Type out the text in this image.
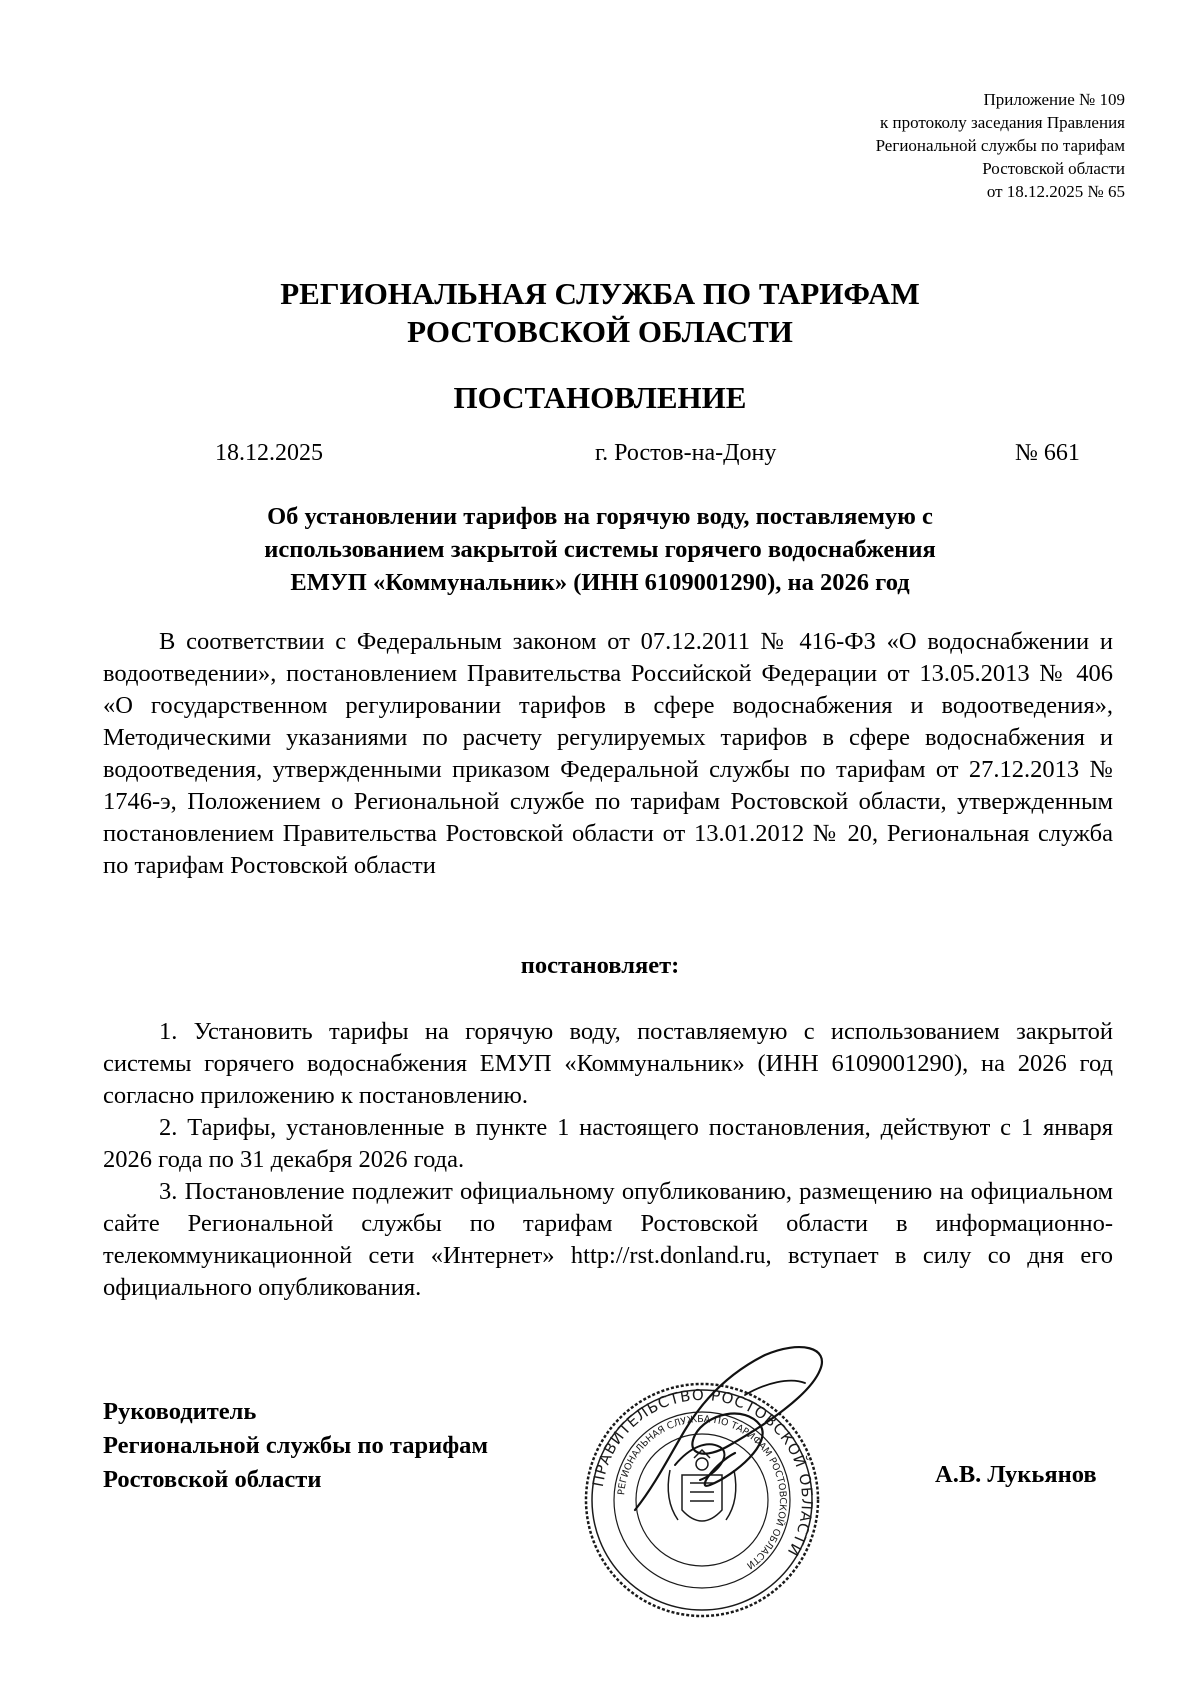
Приложение № 109
к протоколу заседания Правления
Региональной службы по тарифам
Ростовской области
от 18.12.2025 № 65
РЕГИОНАЛЬНАЯ СЛУЖБА ПО ТАРИФАМ
РОСТОВСКОЙ ОБЛАСТИ
ПОСТАНОВЛЕНИЕ
18.12.2025	г. Ростов-на-Дону	№ 661
Об установлении тарифов на горячую воду, поставляемую с
использованием закрытой системы горячего водоснабжения
ЕМУП «Коммунальник» (ИНН 6109001290), на 2026 год
В соответствии с Федеральным законом от 07.12.2011 № 416-ФЗ «О водоснабжении и водоотведении», постановлением Правительства Российской Федерации от 13.05.2013 № 406 «О государственном регулировании тарифов в сфере водоснабжения и водоотведения», Методическими указаниями по расчету регулируемых тарифов в сфере водоснабжения и водоотведения, утвержденными приказом Федеральной службы по тарифам от 27.12.2013 № 1746-э, Положением о Региональной службе по тарифам Ростовской области, утвержденным постановлением Правительства Ростовской области от 13.01.2012 № 20, Региональная служба по тарифам Ростовской области
постановляет:

1. Установить тарифы на горячую воду, поставляемую с использованием закрытой системы горячего водоснабжения ЕМУП «Коммунальник» (ИНН 6109001290), на 2026 год согласно приложению к постановлению.

2. Тарифы, установленные в пункте 1 настоящего постановления, действуют с 1 января 2026 года по 31 декабря 2026 года.

3. Постановление подлежит официальному опубликованию, размещению на официальном сайте Региональной службы по тарифам Ростовской области в информационно-телекоммуникационной сети «Интернет» http://rst.donland.ru, вступает в силу со дня его официального опубликования.

Руководитель
Региональной службы по тарифам
Ростовской области	ПРАВИТЕЛЬСТВО РОСТОВСКОЙ ОБЛАСТИ
РЕГИОНАЛЬНАЯ СЛУЖБА ПО ТАРИФАМ РОСТОВСКОЙ ОБЛАСТИ
А.В. Лукьянов
